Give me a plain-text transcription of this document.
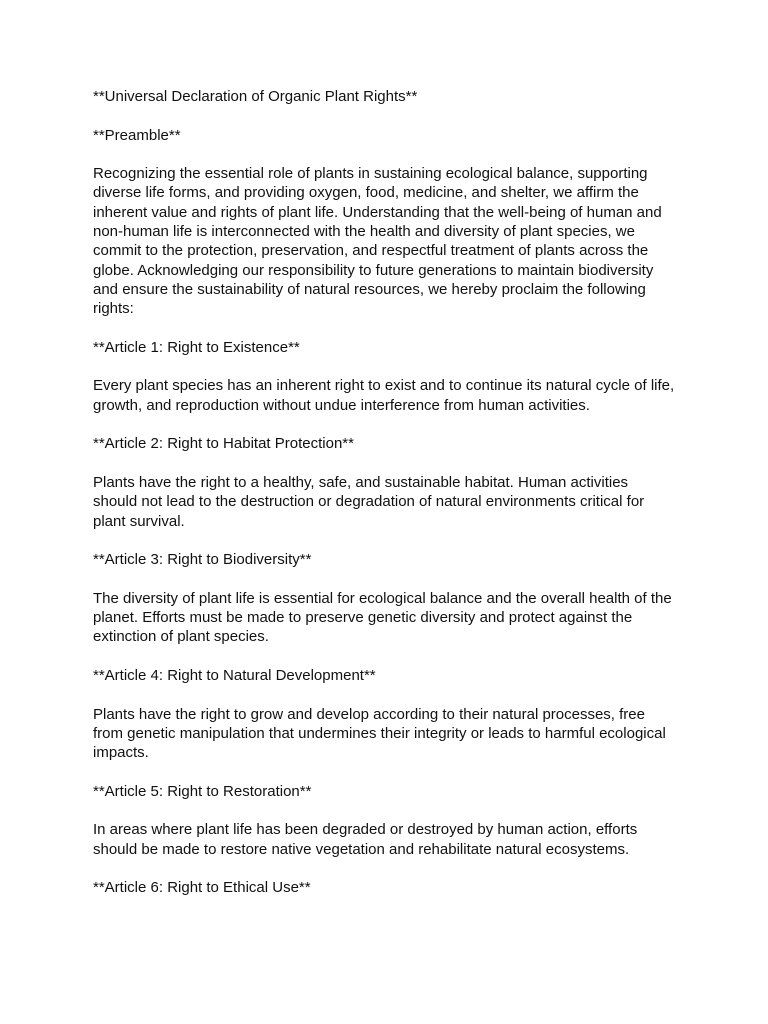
**Universal Declaration of Organic Plant Rights**

**Preamble**

Recognizing the essential role of plants in sustaining ecological balance, supporting diverse life forms, and providing oxygen, food, medicine, and shelter, we affirm the inherent value and rights of plant life. Understanding that the well-being of human and non-human life is interconnected with the health and diversity of plant species, we commit to the protection, preservation, and respectful treatment of plants across the globe. Acknowledging our responsibility to future generations to maintain biodiversity and ensure the sustainability of natural resources, we hereby proclaim the following rights:

**Article 1: Right to Existence**

Every plant species has an inherent right to exist and to continue its natural cycle of life, growth, and reproduction without undue interference from human activities.

**Article 2: Right to Habitat Protection**

Plants have the right to a healthy, safe, and sustainable habitat. Human activities should not lead to the destruction or degradation of natural environments critical for plant survival.

**Article 3: Right to Biodiversity**

The diversity of plant life is essential for ecological balance and the overall health of the planet. Efforts must be made to preserve genetic diversity and protect against the extinction of plant species.

**Article 4: Right to Natural Development**

Plants have the right to grow and develop according to their natural processes, free from genetic manipulation that undermines their integrity or leads to harmful ecological impacts.

**Article 5: Right to Restoration**

In areas where plant life has been degraded or destroyed by human action, efforts should be made to restore native vegetation and rehabilitate natural ecosystems.

**Article 6: Right to Ethical Use**
